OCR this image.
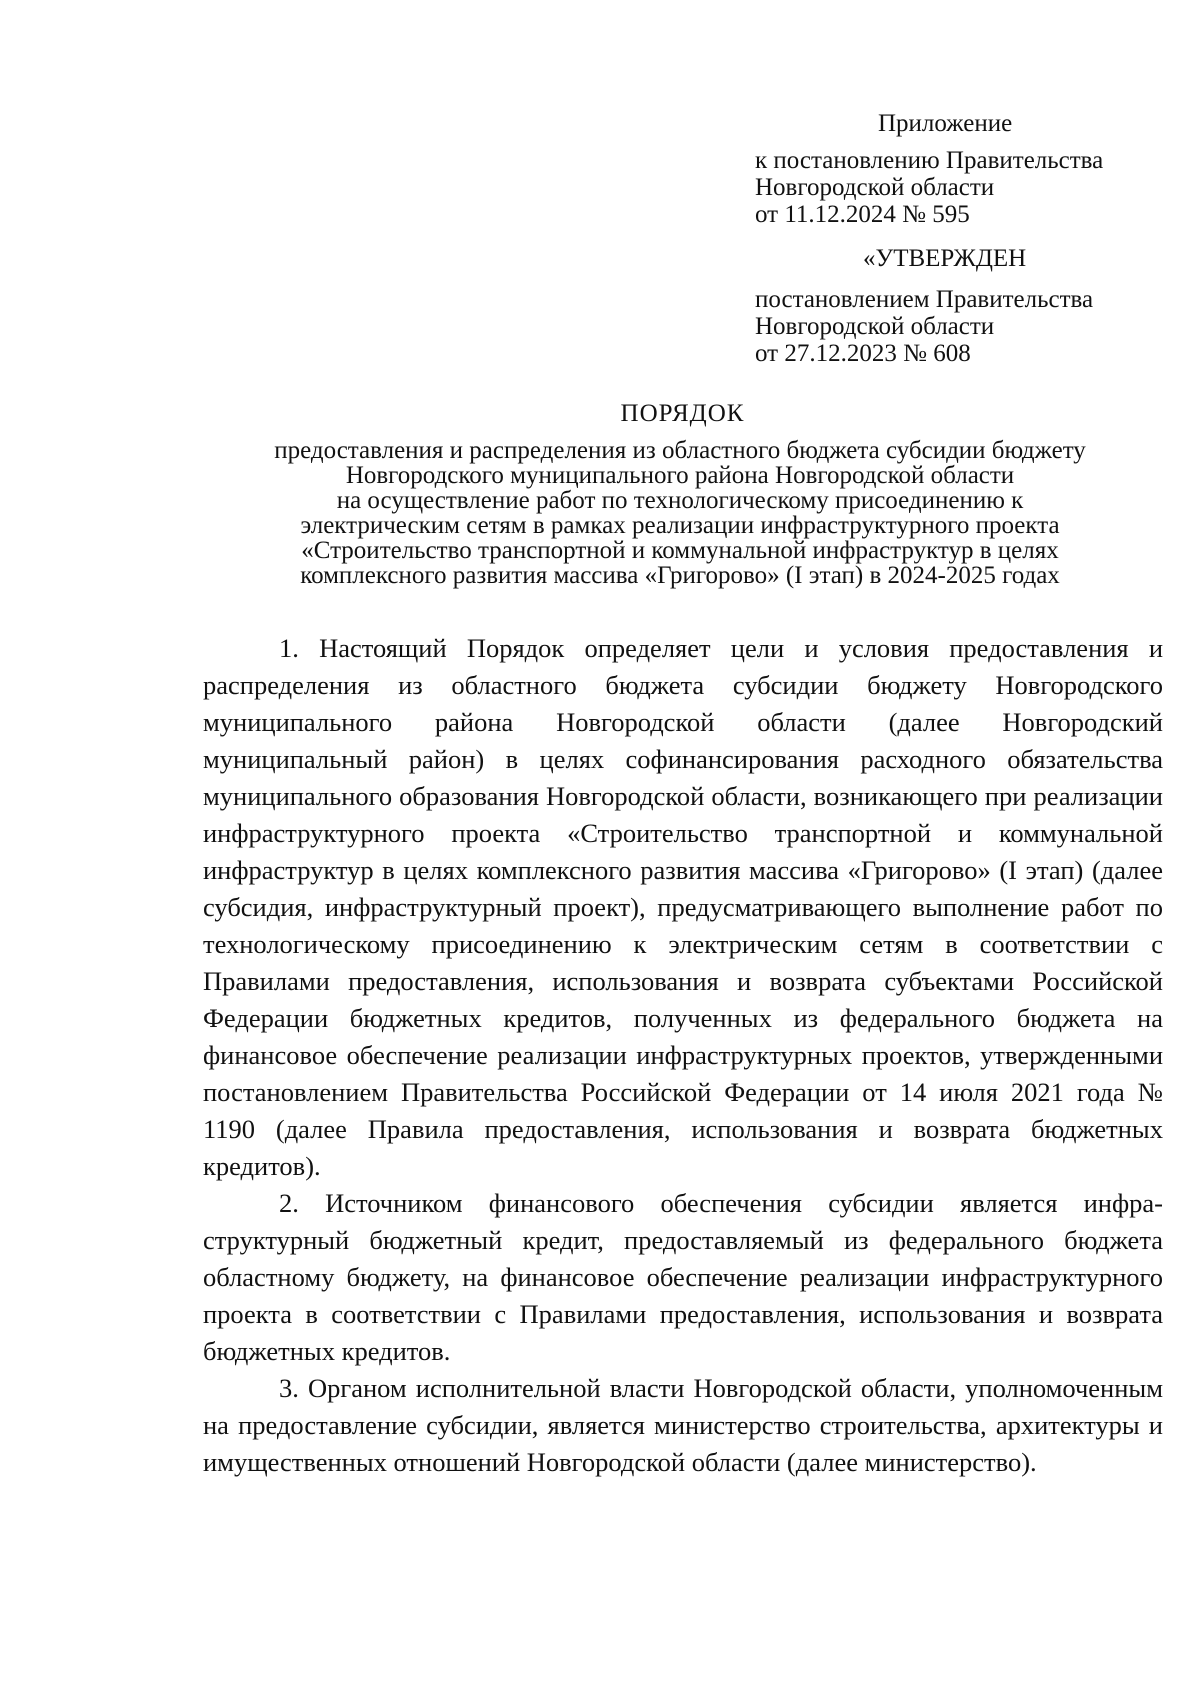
Приложение
к постановлению Правительства
Новгородской области
от 11.12.2024 № 595
«УТВЕРЖДЕН
постановлением Правительства
Новгородской области
от 27.12.2023 № 608
ПОРЯДОК
предоставления и распределения из областного бюджета субсидии бюджету
Новгородского муниципального района Новгородской области
на осуществление работ по технологическому присоединению к
электрическим сетям в рамках реализации инфраструктурного проекта
«Строительство транспортной и коммунальной инфраструктур в целях
комплексного развития массива «Григорово» (I этап) в 2024-2025 годах

1. Настоящий Порядок определяет цели и условия предоставления и распределения из областного бюджета субсидии бюджету Новгородского муниципального района Новгородской области (далее Новгородский муниципальный район) в целях софинансирования расходного обязательства муниципального образования Новгородской области, возникающего при реализации инфраструктурного проекта «Строительство транспортной и коммунальной инфраструктур в целях комплексного развития массива «Григорово» (I этап) (далее субсидия, инфраструктурный проект), предусматривающего выполнение работ по технологическому присоединению к электрическим сетям в соответствии с Правилами предоставления, использования и возврата субъектами Российской Федерации бюджетных кредитов, полученных из федерального бюджета на финансовое обеспечение реализации инфраструктурных проектов, утвержденными постановлением Правительства Российской Федерации от 14 июля 2021 года № 1190 (далее Правила предоставления, использования и возврата бюджетных кредитов).

2. Источником финансового обеспечения субсидии является инфраструктурный бюджетный кредит, предоставляемый из федерального бюджета областному бюджету, на финансовое обеспечение реализации инфраструктурного проекта в соответствии с Правилами предоставления, использования и возврата бюджетных кредитов.

3. Органом исполнительной власти Новгородской области, уполномоченным на предоставление субсидии, является министерство строительства, архитектуры и имущественных отношений Новгородской области (далее министерство).
